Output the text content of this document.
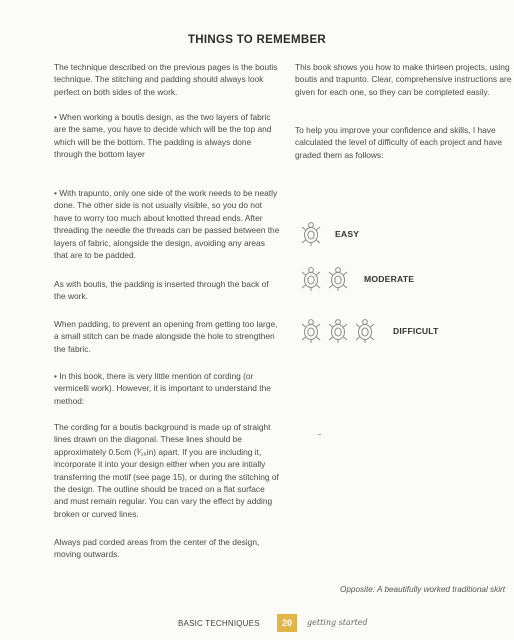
THINGS TO REMEMBER

The technique described on the previous pages is the boutis technique. The stitching and padding should always look perfect on both sides of the work.

• When working a boutis design, as the two layers of fabric are the same, you have to decide which will be the top and which will be the bottom. The padding is always done through the bottom layer

• With trapunto, only one side of the work needs to be neatly done. The other side is not usually visible, so you do not have to worry too much about knotted thread ends. After threading the needle the threads can be passed between the layers of fabric, alongside the design, avoiding any areas that are to be padded.

As with boutis, the padding is inserted through the back of the work.

When padding, to prevent an opening from getting too large, a small stitch can be made alongside the hole to strengthen the fabric.

• In this book, there is very little mention of cording (or vermicelli work). However, it is important to understand the method:

The cording for a boutis background is made up of straight lines drawn on the diagonal. These lines should be approximately 0.5cm (³⁄₁₆in) apart. If you are including it, incorporate it into your design either when you are intially transferring the motif (see page 15), or during the stitching of the design. The outline should be traced on a flat surface and must remain regular. You can vary the effect by adding broken or curved lines.

Always pad corded areas from the center of the design, moving outwards.

This book shows you how to make thirteen projects, using boutis and trapunto. Clear, comprehensive instructions are given for each one, so they can be completed easily.

To help you improve your confidence and skills, I have calculated the level of difficulty of each project and have graded them as follows:

EASY
MODERATE
DIFFICULT
Opposite: A beautifully worked traditional skirt
BASIC TECHNIQUES	20	getting started
